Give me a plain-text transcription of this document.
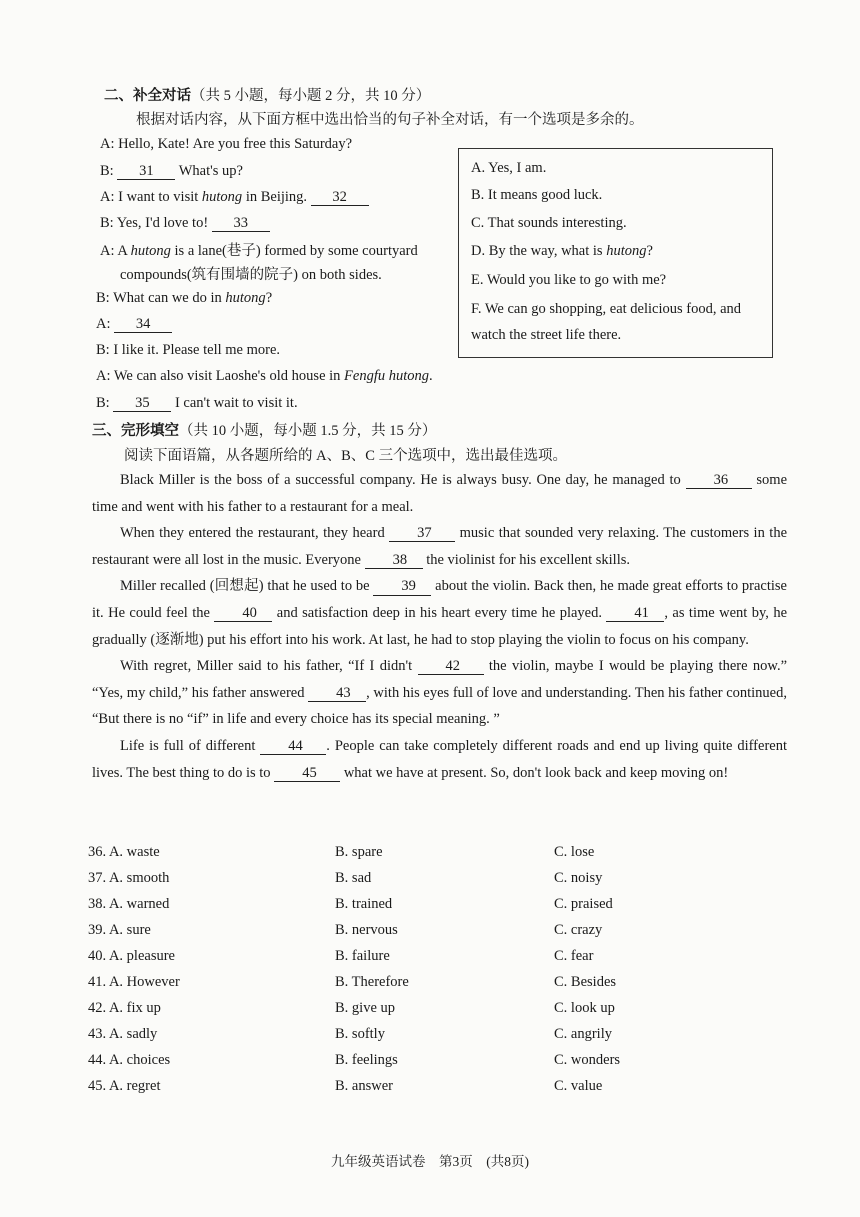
二、补全对话（共 5 小题，每小题 2 分，共 10 分）
根据对话内容，从下面方框中选出恰当的句子补全对话，有一个选项是多余的。
A: Hello, Kate! Are you free this Saturday?
B: 31 What's up?
A: I want to visit hutong in Beijing. 32
B: Yes, I'd love to! 33
A: A hutong is a lane(巷子) formed by some courtyard
compounds(筑有围墙的院子) on both sides.
B: What can we do in hutong?
A: 34
B: I like it. Please tell me more.
A: We can also visit Laoshe's old house in Fengfu hutong.
B: 35 I can't wait to visit it.
A. Yes, I am.
B. It means good luck.
C. That sounds interesting.
D. By the way, what is hutong?
E. Would you like to go with me?
F. We can go shopping, eat delicious food, and
watch the street life there.
三、完形填空（共 10 小题，每小题 1.5 分，共 15 分）
阅读下面语篇，从各题所给的 A、B、C 三个选项中，选出最佳选项。

Black Miller is the boss of a successful company. He is always busy. One day, he managed to 36 some time and went with his father to a restaurant for a meal.

When they entered the restaurant, they heard 37 music that sounded very relaxing. The customers in the restaurant were all lost in the music. Everyone 38 the violinist for his excellent skills.

Miller recalled (回想起) that he used to be 39 about the violin. Back then, he made great efforts to practise it. He could feel the 40 and satisfaction deep in his heart every time he played. 41 , as time went by, he gradually (逐渐地) put his effort into his work. At last, he had to stop playing the violin to focus on his company.

With regret, Miller said to his father, “If I didn't 42 the violin, maybe I would be playing there now.” “Yes, my child,” his father answered 43 , with his eyes full of love and understanding. Then his father continued, “But there is no “if” in life and every choice has its special meaning. ”

Life is full of different 44 . People can take completely different roads and end up living quite different lives. The best thing to do is to 45 what we have at present. So, don't look back and keep moving on!

36. A. waste	B. spare	C. lose
37. A. smooth	B. sad	C. noisy
38. A. warned	B. trained	C. praised
39. A. sure	B. nervous	C. crazy
40. A. pleasure	B. failure	C. fear
41. A. However	B. Therefore	C. Besides
42. A. fix up	B. give up	C. look up
43. A. sadly	B. softly	C. angrily
44. A. choices	B. feelings	C. wonders
45. A. regret	B. answer	C. value
九年级英语试卷　第3页　(共8页)
